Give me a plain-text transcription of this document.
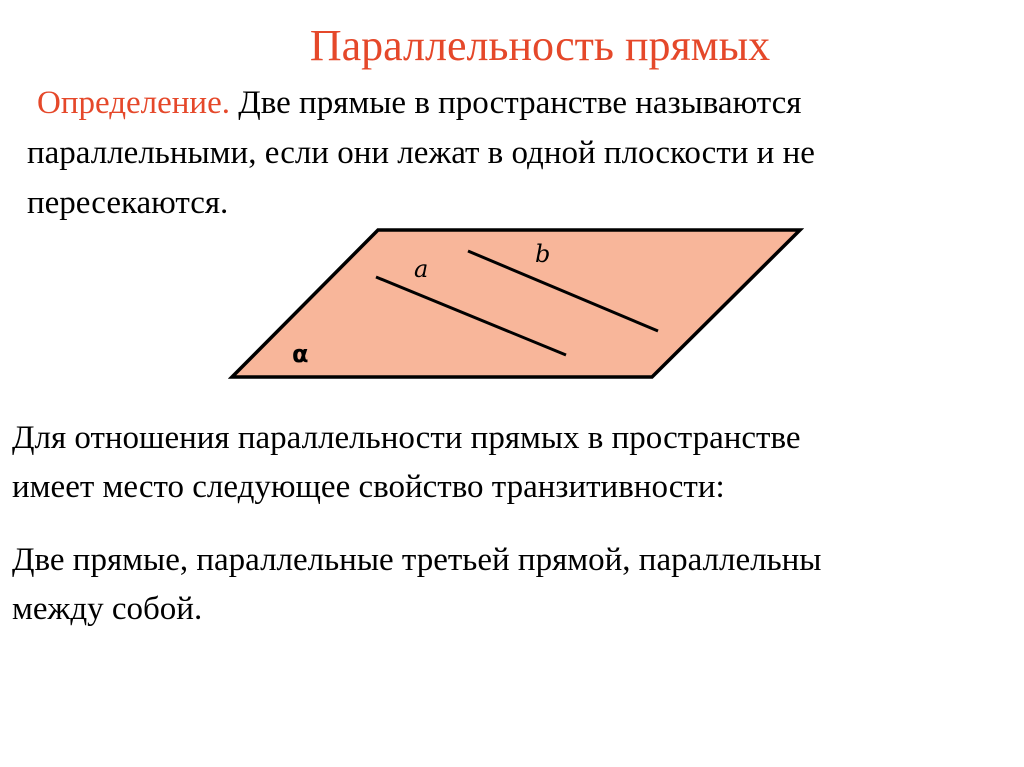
Параллельность прямых
Определение. Две прямые в пространстве называются
параллельными, если они лежат в одной плоскости и не
пересекаются.
a
b
α
Для отношения параллельности прямых в пространстве
имеет место следующее свойство транзитивности:
Две прямые, параллельные третьей прямой, параллельны
между собой.
